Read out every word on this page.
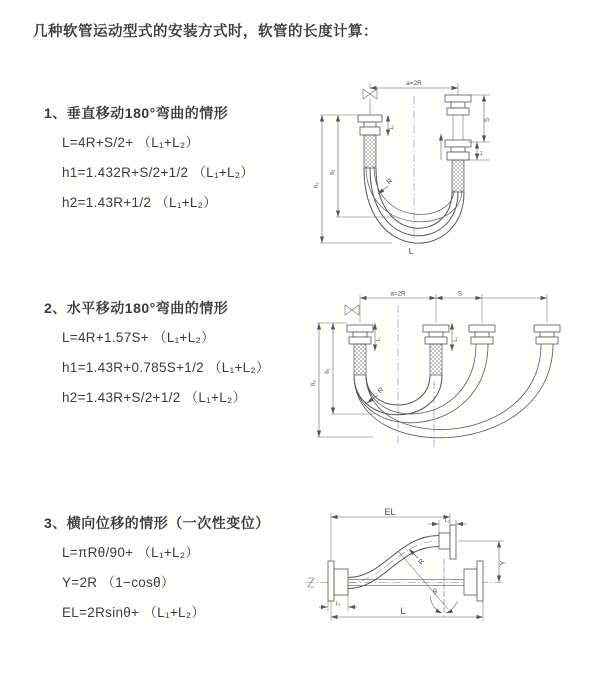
几种软管运动型式的安装方式时，软管的长度计算：
1、垂直移动180°弯曲的情形
L=4R+S/2+ （L₁+L₂）
h1=1.432R+S/2+1/2 （L₁+L₂）
h2=1.43R+1/2 （L₁+L₂）
2、水平移动180°弯曲的情形
L=4R+1.57S+ （L₁+L₂）
h1=1.43R+0.785S+1/2 （L₁+L₂）
h2=1.43R+S/2+1/2 （L₁+L₂）
3、横向位移的情形（一次性变位）
L=πRθ/90+ （L₁+L₂）
Y=2R （1−cosθ）
EL=2Rsinθ+ （L₁+L₂）
a=2R
h₂
h₁
L₁
S
L₂
R
L
a=2R	S
h₂
h₁
L₁	L₂
R
EL
L₂
Y
θ
R
L
L₁
